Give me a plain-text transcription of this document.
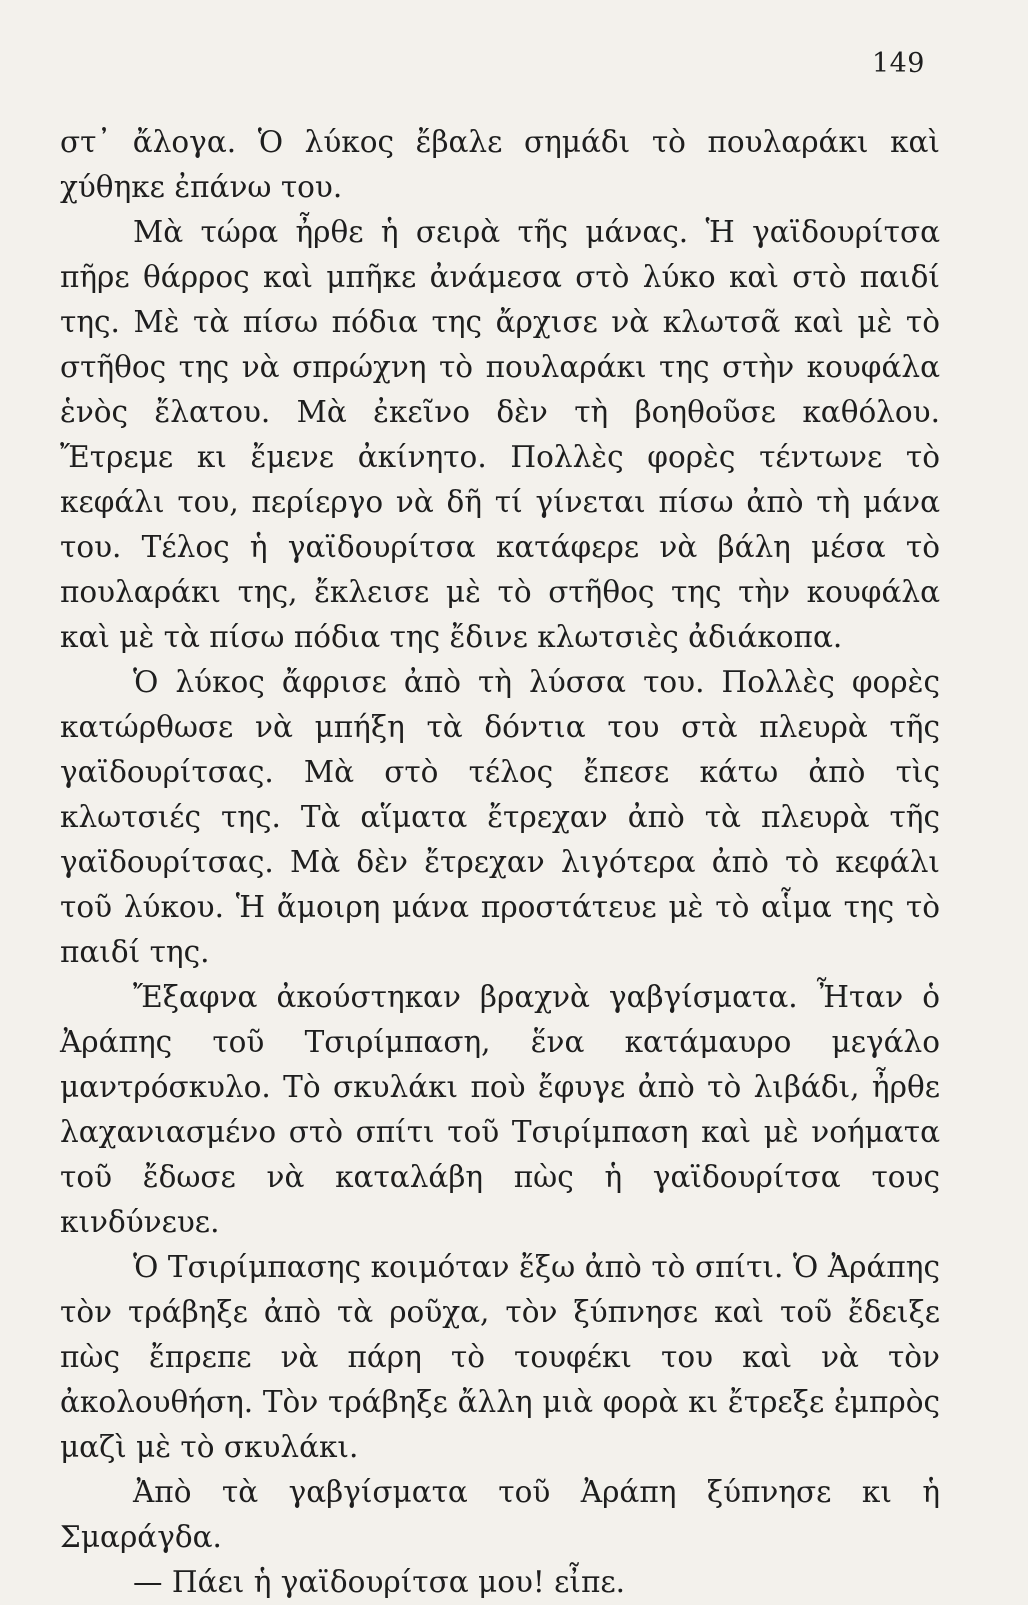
149

στ᾽ ἄλογα. Ὁ λύκος ἔβαλε σημάδι τὸ πουλαράκι καὶ χύθηκε ἐπάνω του.

Μὰ τώρα ἦρθε ἡ σειρὰ τῆς μάνας. Ἡ γαϊδουρίτσα πῆρε θάρρος καὶ μπῆκε ἀνάμεσα στὸ λύκο καὶ στὸ παιδί της. Μὲ τὰ πίσω πόδια της ἄρχισε νὰ κλωτσᾶ καὶ μὲ τὸ στῆθος της νὰ σπρώχνη τὸ πουλαράκι της στὴν κουφάλα ἑνὸς ἔλατου. Μὰ ἐκεῖνο δὲν τὴ βοηθοῦσε καθόλου. Ἔτρεμε κι ἔμενε ἀκίνητο. Πολλὲς φορὲς τέντωνε τὸ κεφάλι του, περίεργο νὰ δῆ τί γίνεται πίσω ἀπὸ τὴ μάνα του. Τέλος ἡ γαϊδουρίτσα κατάφερε νὰ βάλη μέσα τὸ πουλαράκι της, ἔκλεισε μὲ τὸ στῆθος της τὴν κουφάλα καὶ μὲ τὰ πίσω πόδια της ἔδινε κλωτσιὲς ἀδιάκοπα.

Ὁ λύκος ἄφρισε ἀπὸ τὴ λύσσα του. Πολλὲς φορὲς κατώρθωσε νὰ μπήξη τὰ δόντια του στὰ πλευρὰ τῆς γαϊδουρίτσας. Μὰ στὸ τέλος ἔπεσε κάτω ἀπὸ τὶς κλωτσιές της. Τὰ αἵματα ἔτρεχαν ἀπὸ τὰ πλευρὰ τῆς γαϊδουρίτσας. Μὰ δὲν ἔτρεχαν λιγότερα ἀπὸ τὸ κεφάλι τοῦ λύκου. Ἡ ἄμοιρη μάνα προστάτευε μὲ τὸ αἷμα της τὸ παιδί της.

Ἔξαφνα ἀκούστηκαν βραχνὰ γαβγίσματα. Ἦταν ὁ Ἀράπης τοῦ Τσιρίμπαση, ἕνα κατάμαυρο μεγάλο μαντρόσκυλο. Τὸ σκυλάκι ποὺ ἔφυγε ἀπὸ τὸ λιβάδι, ἦρθε λαχανιασμένο στὸ σπίτι τοῦ Τσιρίμπαση καὶ μὲ νοήματα τοῦ ἔδωσε νὰ καταλάβη πὼς ἡ γαϊδουρίτσα τους κινδύνευε.

Ὁ Τσιρίμπασης κοιμόταν ἔξω ἀπὸ τὸ σπίτι. Ὁ Ἀράπης τὸν τράβηξε ἀπὸ τὰ ροῦχα, τὸν ξύπνησε καὶ τοῦ ἔδειξε πὼς ἔπρεπε νὰ πάρη τὸ τουφέκι του καὶ νὰ τὸν ἀκολουθήση. Τὸν τράβηξε ἄλλη μιὰ φορὰ κι ἔτρεξε ἐμπρὸς μαζὶ μὲ τὸ σκυλάκι.

Ἀπὸ τὰ γαβγίσματα τοῦ Ἀράπη ξύπνησε κι ἡ Σμαράγδα.

— Πάει ἡ γαϊδουρίτσα μου! εἶπε.
